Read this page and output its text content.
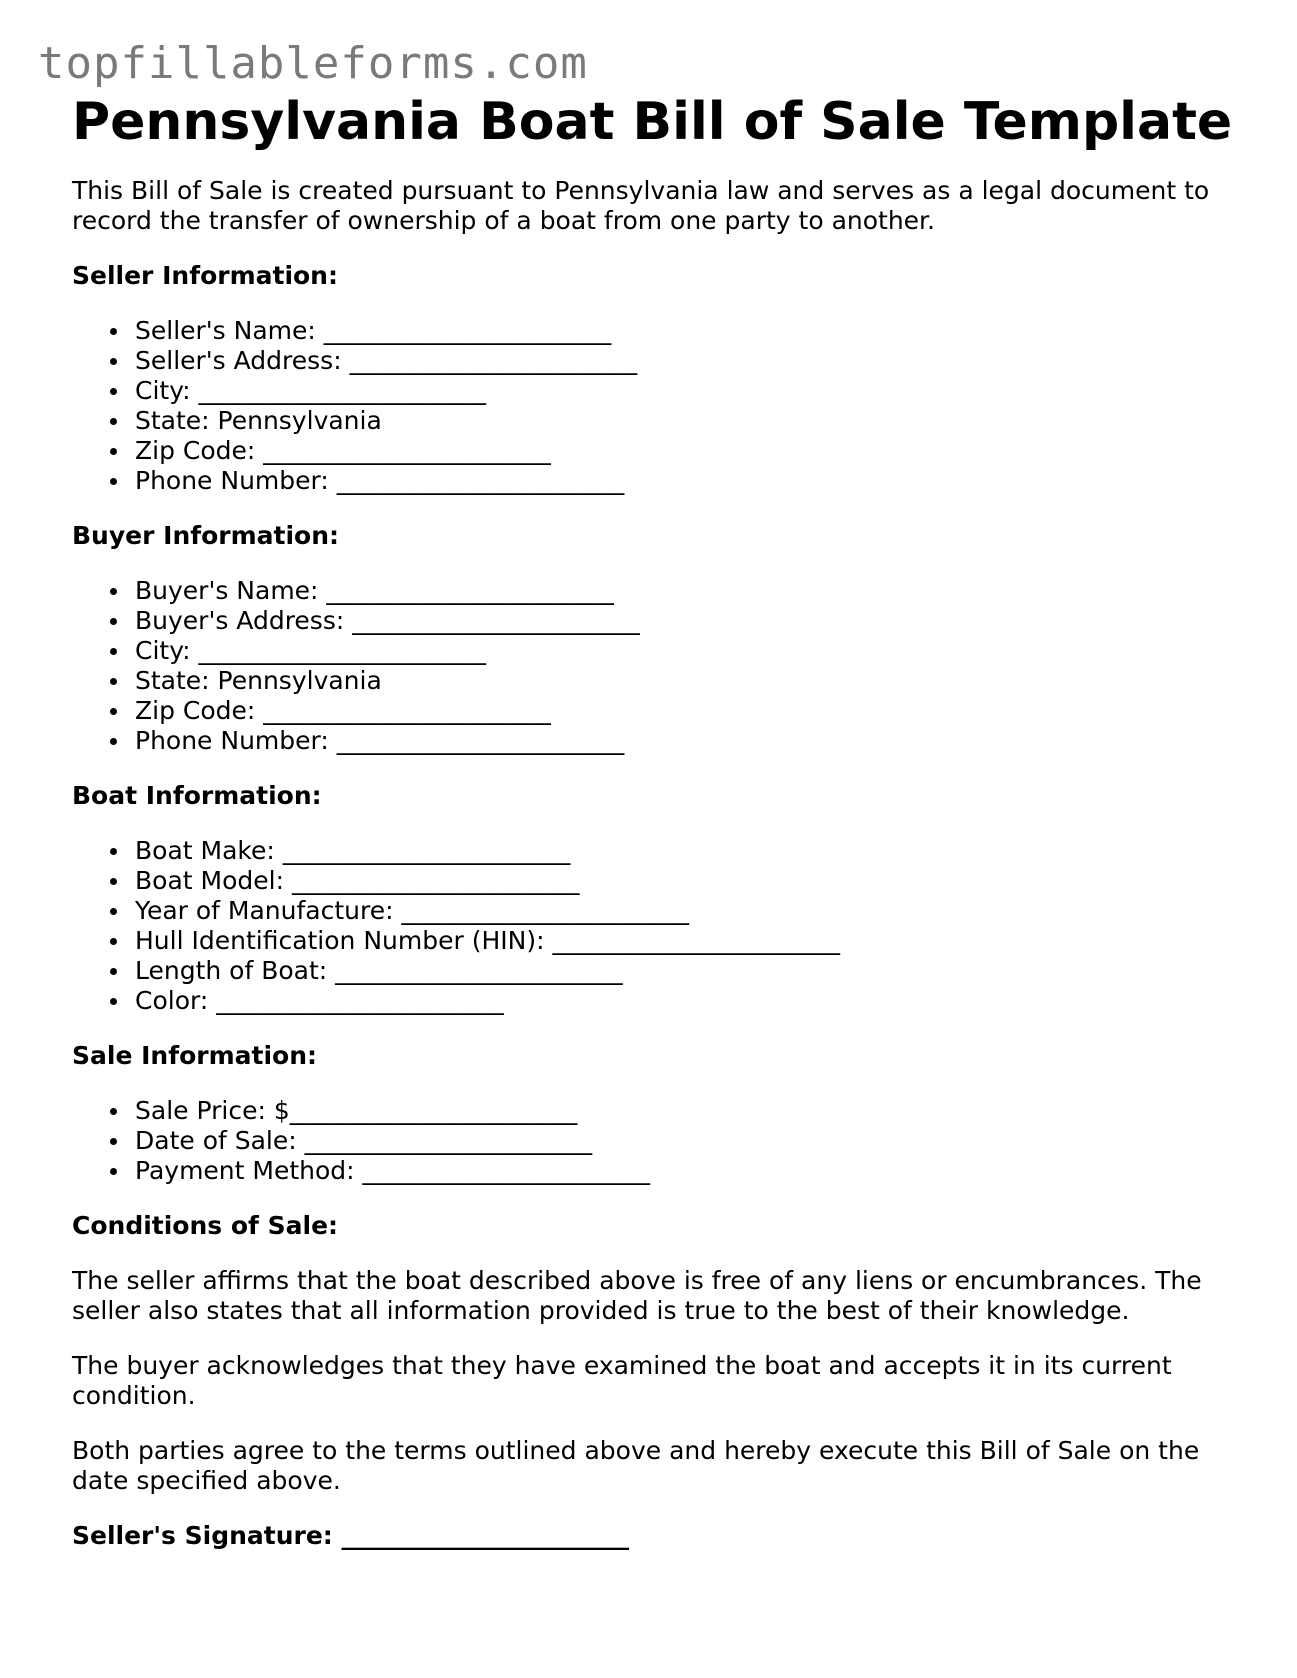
topfillableforms.com
Pennsylvania Boat Bill of Sale Template

This Bill of Sale is created pursuant to Pennsylvania law and serves as a legal document to record the transfer of ownership of a boat from one party to another.

Seller Information:
Seller's Name: _______________________
Seller's Address: _______________________
City: _______________________
State: Pennsylvania
Zip Code: _______________________
Phone Number: _______________________
Buyer Information:
Buyer's Name: _______________________
Buyer's Address: _______________________
City: _______________________
State: Pennsylvania
Zip Code: _______________________
Phone Number: _______________________
Boat Information:
Boat Make: _______________________
Boat Model: _______________________
Year of Manufacture: _______________________
Hull Identification Number (HIN): _______________________
Length of Boat: _______________________
Color: _______________________
Sale Information:
Sale Price: $_______________________
Date of Sale: _______________________
Payment Method: _______________________
Conditions of Sale:

The seller affirms that the boat described above is free of any liens or encumbrances. The seller also states that all information provided is true to the best of their knowledge.

The buyer acknowledges that they have examined the boat and accepts it in its current condition.

Both parties agree to the terms outlined above and hereby execute this Bill of Sale on the date specified above.

Seller's Signature: _______________________
